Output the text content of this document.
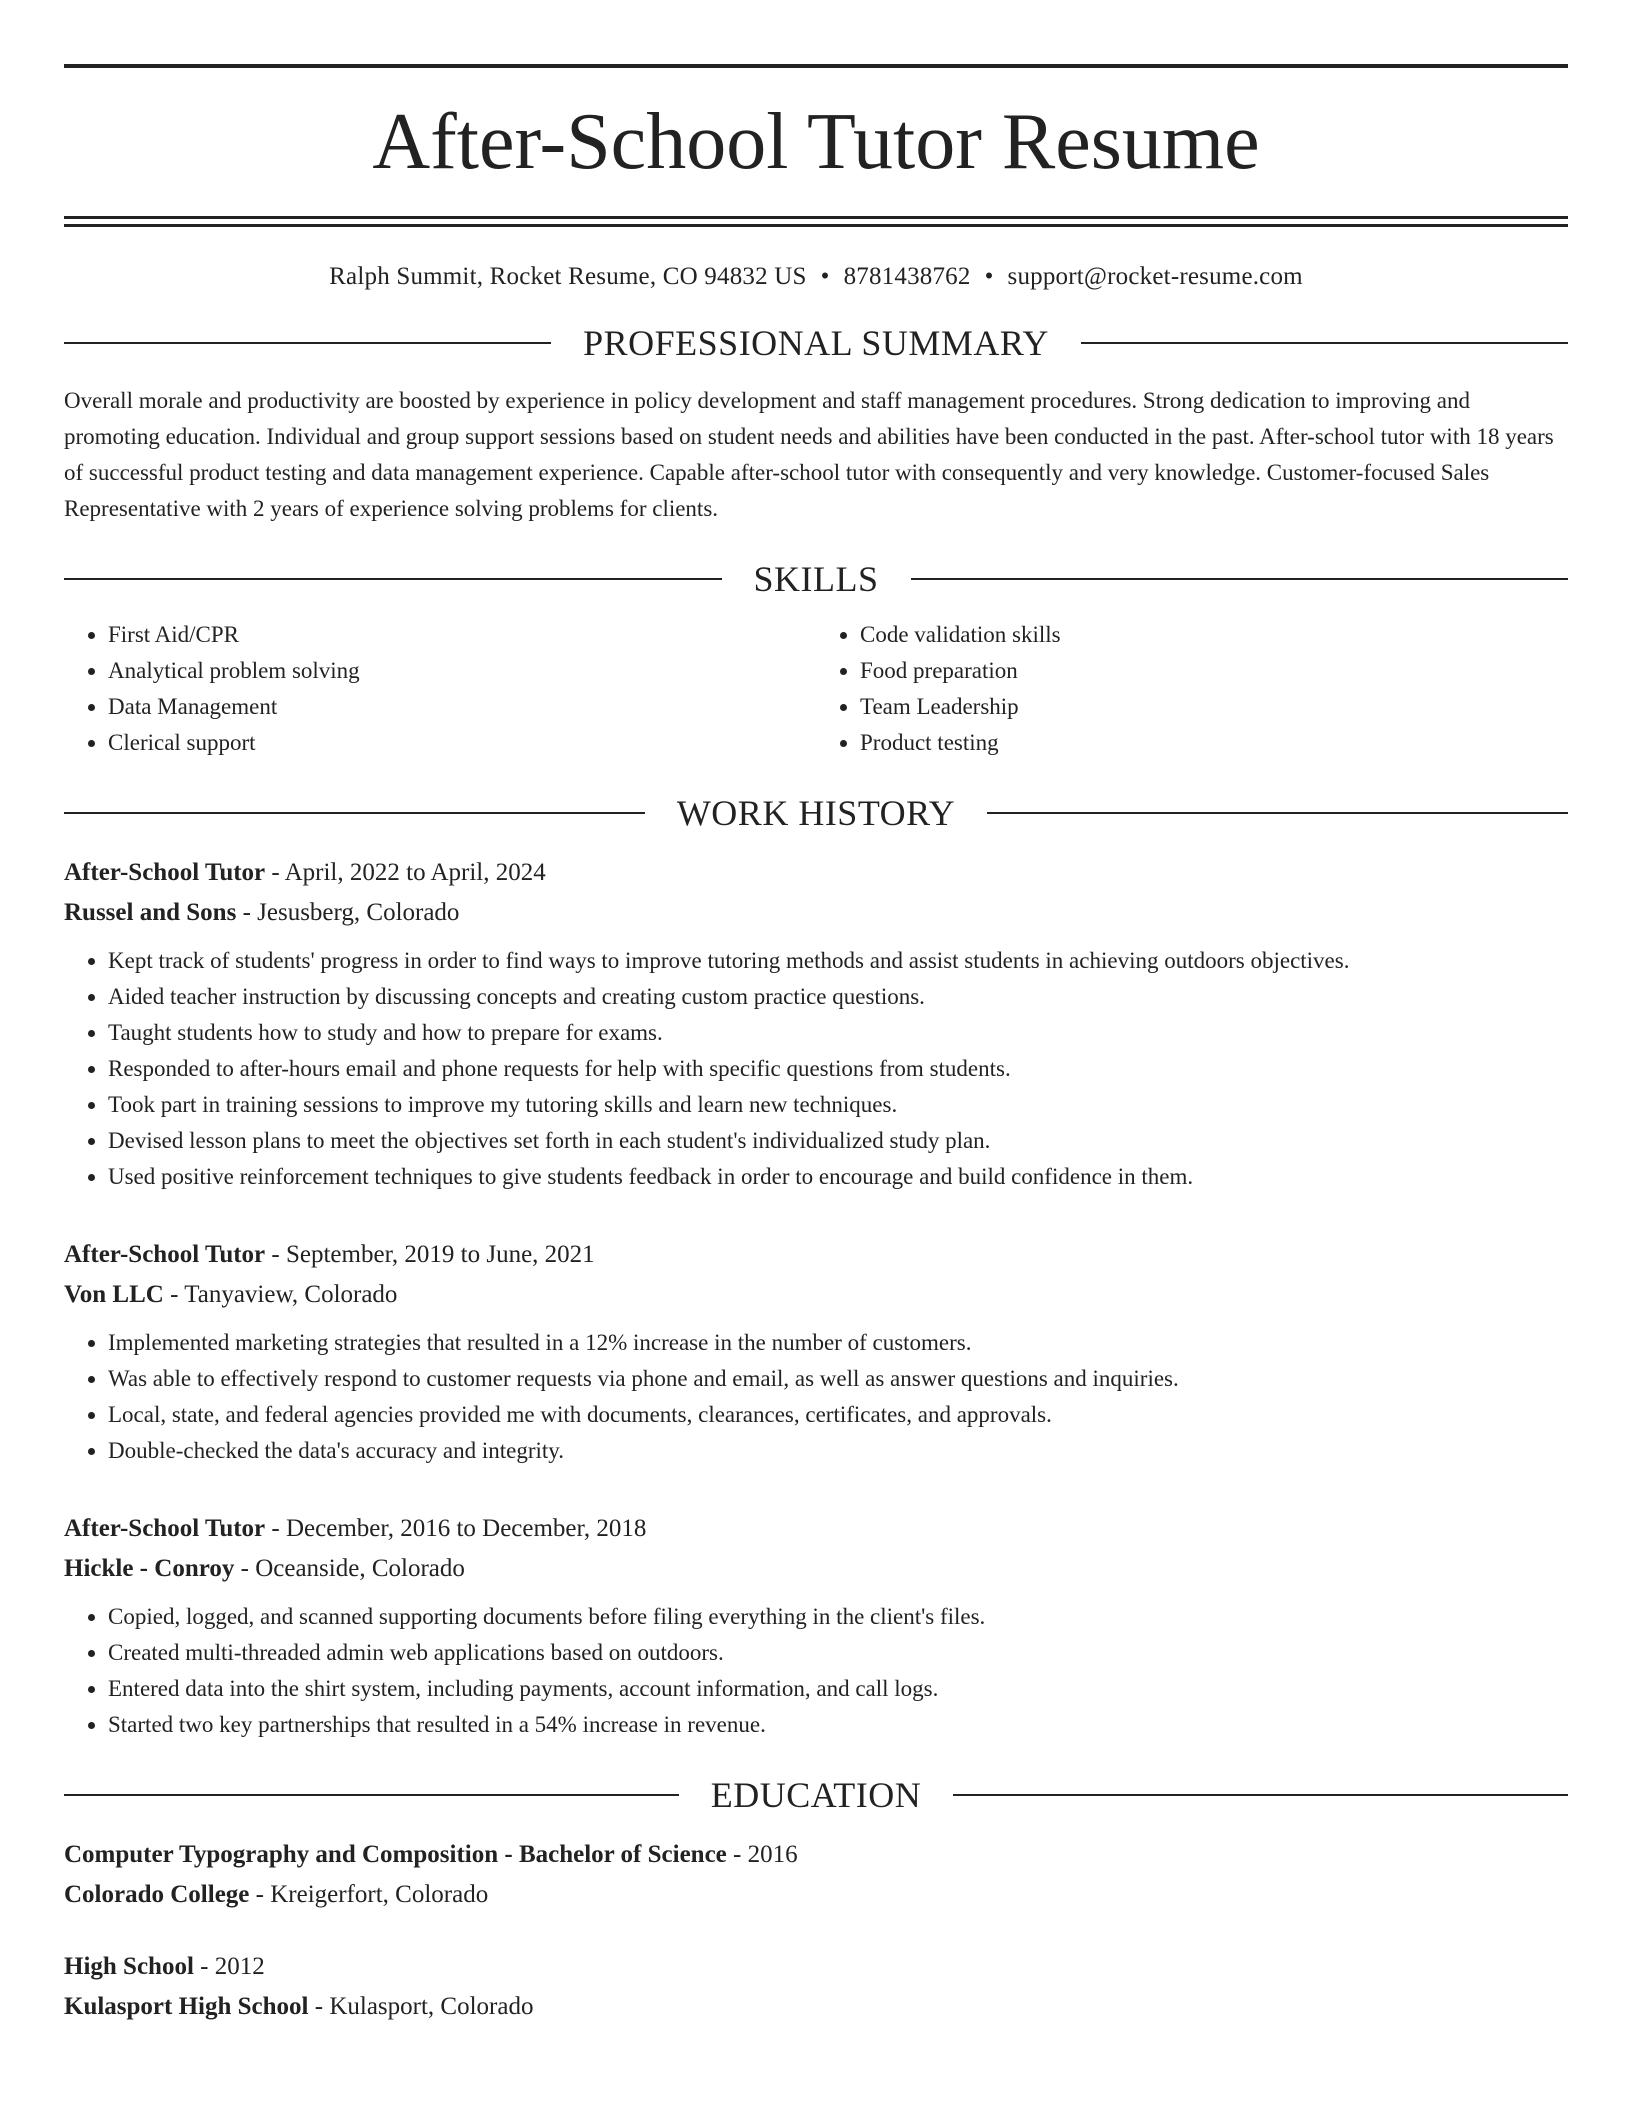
After-School Tutor Resume
Ralph Summit, Rocket Resume, CO 94832 US • 8781438762 • support@rocket-resume.com
PROFESSIONAL SUMMARY
Overall morale and productivity are boosted by experience in policy development and staff management procedures. Strong dedication to improving and promoting education. Individual and group support sessions based on student needs and abilities have been conducted in the past. After-school tutor with 18 years of successful product testing and data management experience. Capable after-school tutor with consequently and very knowledge. Customer-focused Sales Representative with 2 years of experience solving problems for clients.
SKILLS
• First Aid/CPR
• Analytical problem solving
• Data Management
• Clerical support
• Code validation skills
• Food preparation
• Team Leadership
• Product testing
WORK HISTORY
After-School Tutor - April, 2022 to April, 2024
Russel and Sons - Jesusberg, Colorado
• Kept track of students' progress in order to find ways to improve tutoring methods and assist students in achieving outdoors objectives.
• Aided teacher instruction by discussing concepts and creating custom practice questions.
• Taught students how to study and how to prepare for exams.
• Responded to after-hours email and phone requests for help with specific questions from students.
• Took part in training sessions to improve my tutoring skills and learn new techniques.
• Devised lesson plans to meet the objectives set forth in each student's individualized study plan.
• Used positive reinforcement techniques to give students feedback in order to encourage and build confidence in them.
After-School Tutor - September, 2019 to June, 2021
Von LLC - Tanyaview, Colorado
• Implemented marketing strategies that resulted in a 12% increase in the number of customers.
• Was able to effectively respond to customer requests via phone and email, as well as answer questions and inquiries.
• Local, state, and federal agencies provided me with documents, clearances, certificates, and approvals.
• Double-checked the data's accuracy and integrity.
After-School Tutor - December, 2016 to December, 2018
Hickle - Conroy - Oceanside, Colorado
• Copied, logged, and scanned supporting documents before filing everything in the client's files.
• Created multi-threaded admin web applications based on outdoors.
• Entered data into the shirt system, including payments, account information, and call logs.
• Started two key partnerships that resulted in a 54% increase in revenue.
EDUCATION
Computer Typography and Composition - Bachelor of Science - 2016
Colorado College - Kreigerfort, Colorado
High School - 2012
Kulasport High School - Kulasport, Colorado
